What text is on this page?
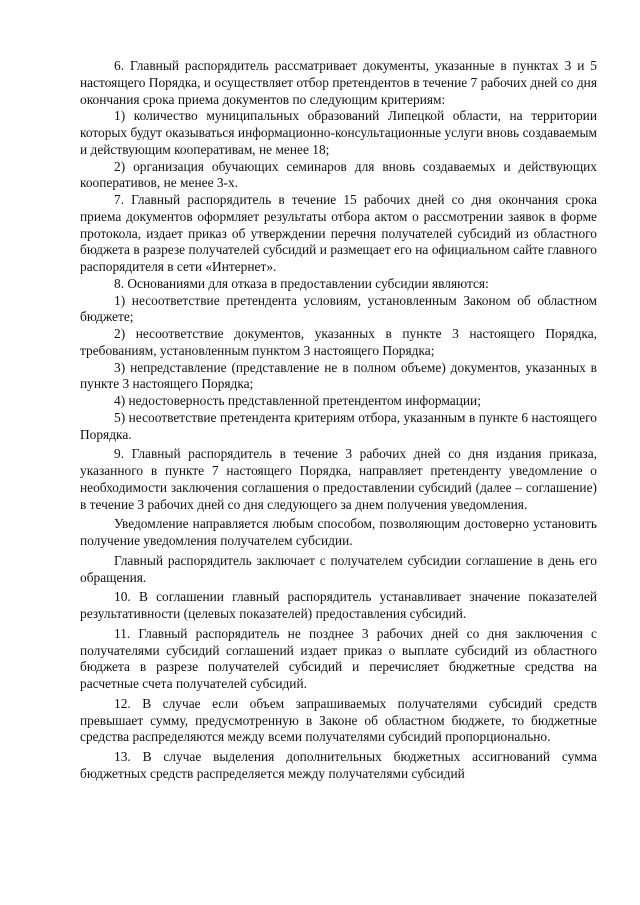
6. Главный распорядитель рассматривает документы, указанные в пунктах 3 и 5 настоящего Порядка, и осуществляет отбор претендентов в течение 7 рабочих дней со дня окончания срока приема документов по следующим критериям:

1) количество муниципальных образований Липецкой области, на территории которых будут оказываться информационно-консультационные услуги вновь создаваемым и действующим кооперативам, не менее 18;

2) организация обучающих семинаров для вновь создаваемых и действующих кооперативов, не менее 3-х.

7. Главный распорядитель в течение 15 рабочих дней со дня окончания срока приема документов оформляет результаты отбора актом о рассмотрении заявок в форме протокола, издает приказ об утверждении перечня получателей субсидий из областного бюджета в разрезе получателей субсидий и размещает его на официальном сайте главного распорядителя в сети «Интернет».

8. Основаниями для отказа в предоставлении субсидии являются:

1) несоответствие претендента условиям, установленным Законом об областном бюджете;

2) несоответствие документов, указанных в пункте 3 настоящего Порядка, требованиям, установленным пунктом 3 настоящего Порядка;

3) непредставление (представление не в полном объеме) документов, указанных в пункте 3 настоящего Порядка;

4) недостоверность представленной претендентом информации;

5) несоответствие претендента критериям отбора, указанным в пункте 6 настоящего Порядка.

9. Главный распорядитель в течение 3 рабочих дней со дня издания приказа, указанного в пункте 7 настоящего Порядка, направляет претенденту уведомление о необходимости заключения соглашения о предоставлении субсидий (далее – соглашение) в течение 3 рабочих дней со дня следующего за днем получения уведомления.

Уведомление направляется любым способом, позволяющим достоверно установить получение уведомления получателем субсидии.

Главный распорядитель заключает с получателем субсидии соглашение в день его обращения.

10. В соглашении главный распорядитель устанавливает значение показателей результативности (целевых показателей) предоставления субсидий.

11. Главный распорядитель не позднее 3 рабочих дней со дня заключения с получателями субсидий соглашений издает приказ о выплате субсидий из областного бюджета в разрезе получателей субсидий и перечисляет бюджетные средства на расчетные счета получателей субсидий.

12. В случае если объем запрашиваемых получателями субсидий средств превышает сумму, предусмотренную в Законе об областном бюджете, то бюджетные средства распределяются между всеми получателями субсидий пропорционально.

13. В случае выделения дополнительных бюджетных ассигнований сумма бюджетных средств распределяется между получателями субсидий
